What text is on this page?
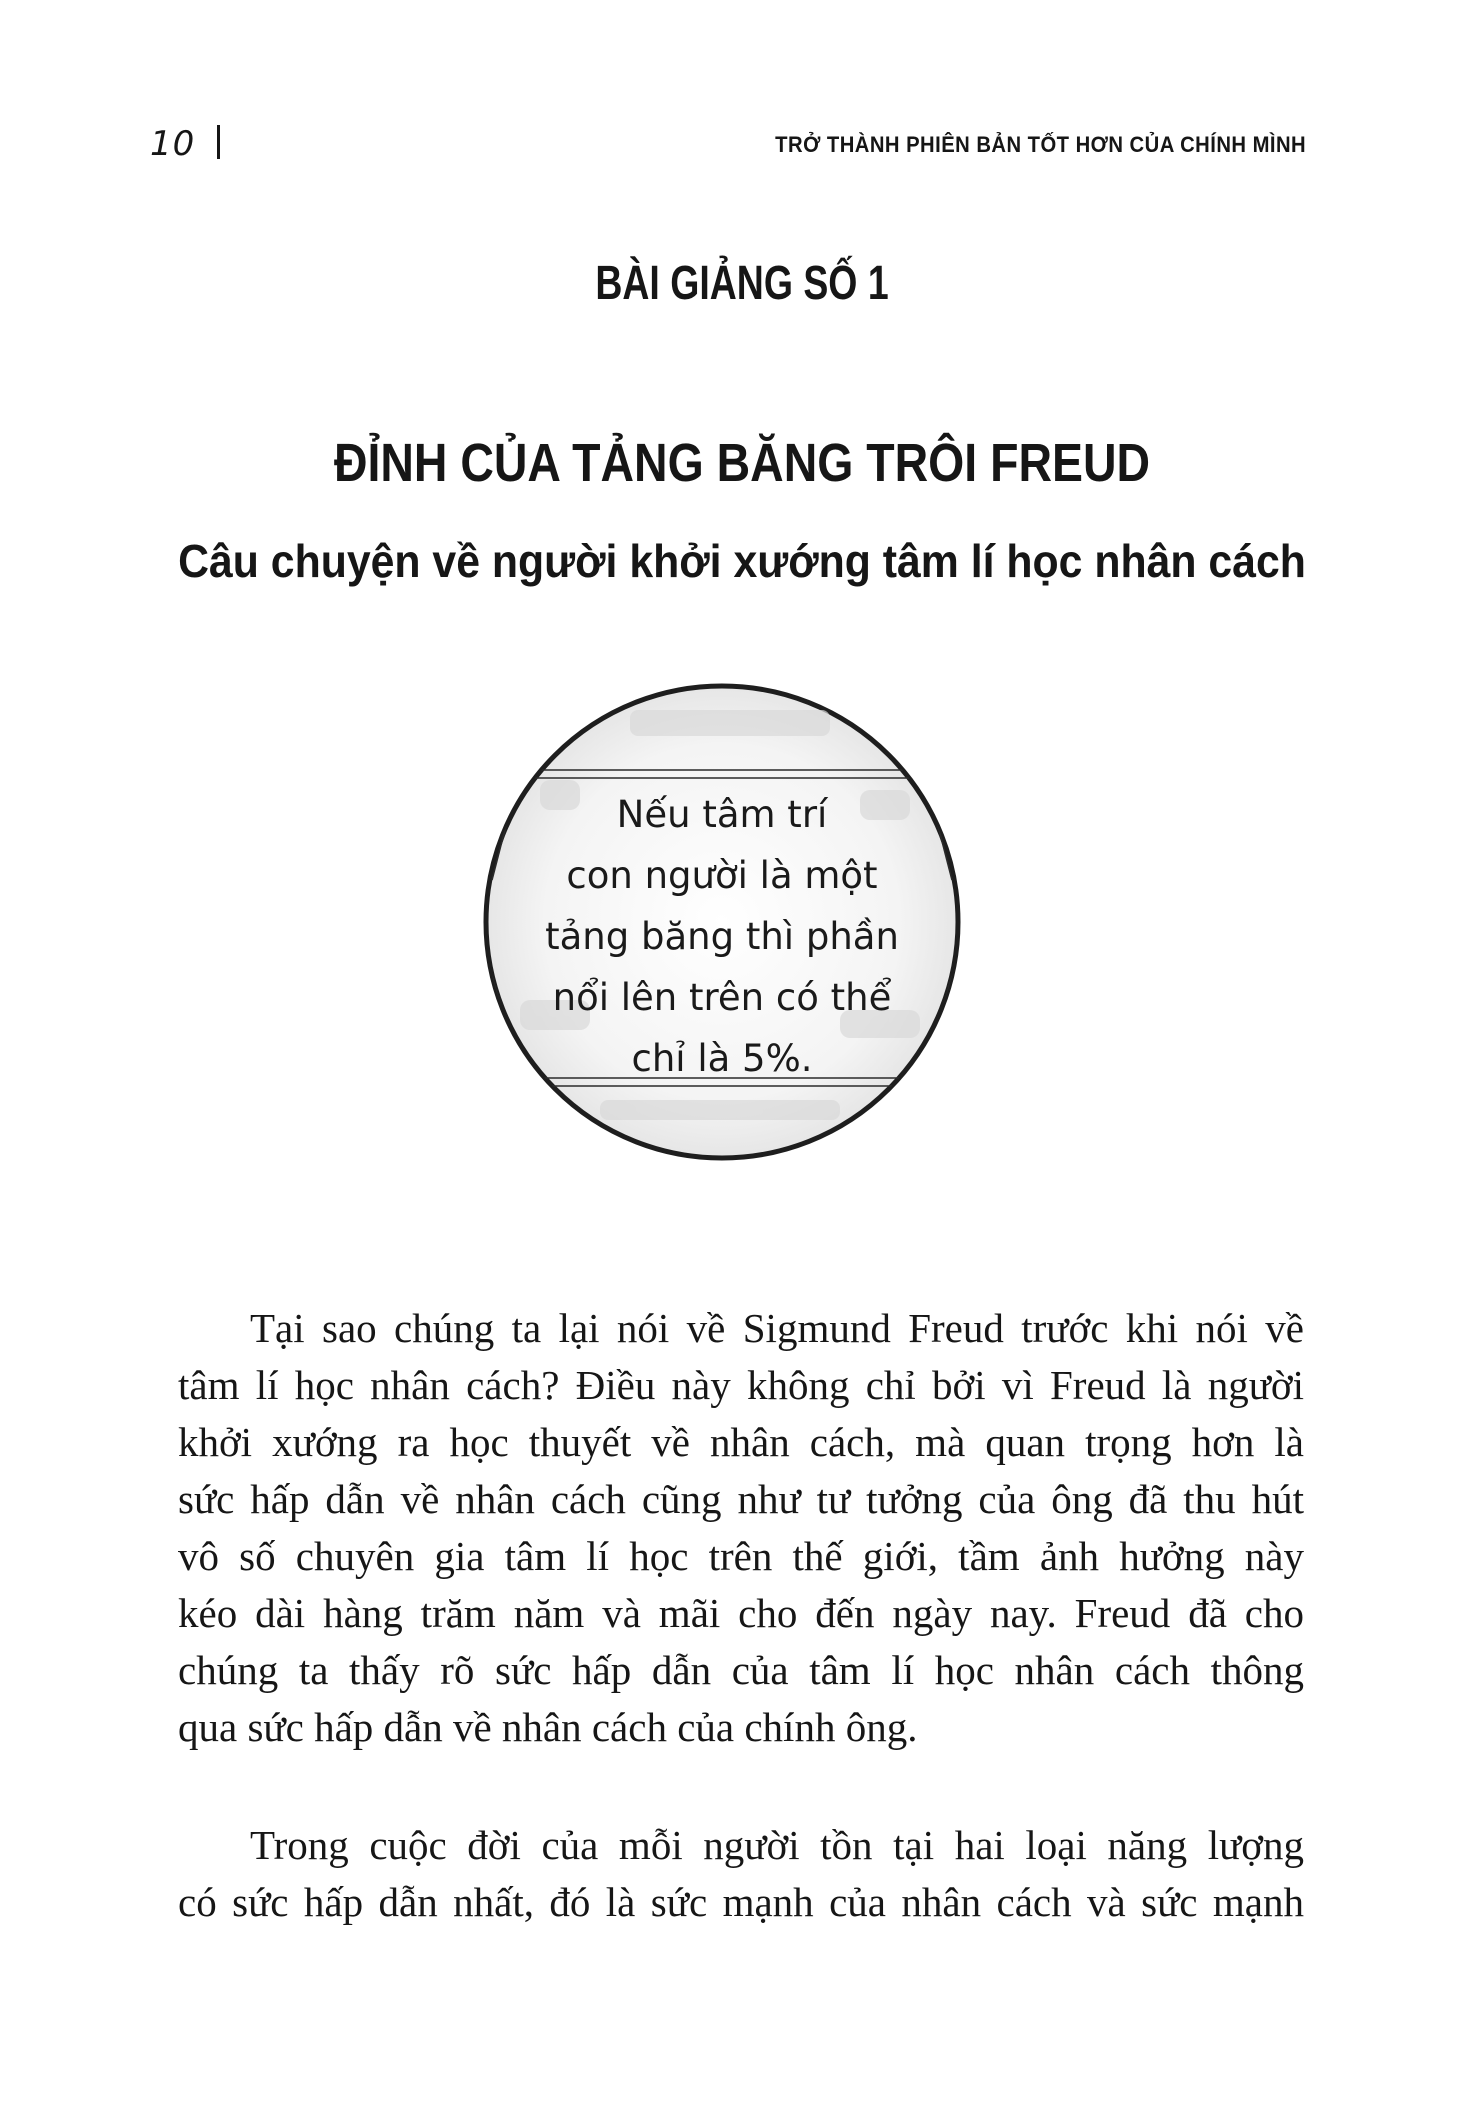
10	TRỞ THÀNH PHIÊN BẢN TỐT HƠN CỦA CHÍNH MÌNH
BÀI GIẢNG SỐ 1
ĐỈNH CỦA TẢNG BĂNG TRÔI FREUD
Câu chuyện về người khởi xướng tâm lí học nhân cách
Nếu tâm trí
con người là một
tảng băng thì phần
nổi lên trên có thể
chỉ là 5%.
Tại sao chúng ta lại nói về Sigmund Freud trước khi nói về
tâm lí học nhân cách? Điều này không chỉ bởi vì Freud là người
khởi xướng ra học thuyết về nhân cách, mà quan trọng hơn là
sức hấp dẫn về nhân cách cũng như tư tưởng của ông đã thu hút
vô số chuyên gia tâm lí học trên thế giới, tầm ảnh hưởng này
kéo dài hàng trăm năm và mãi cho đến ngày nay. Freud đã cho
chúng ta thấy rõ sức hấp dẫn của tâm lí học nhân cách thông
qua sức hấp dẫn về nhân cách của chính ông.
Trong cuộc đời của mỗi người tồn tại hai loại năng lượng
có sức hấp dẫn nhất, đó là sức mạnh của nhân cách và sức mạnh
